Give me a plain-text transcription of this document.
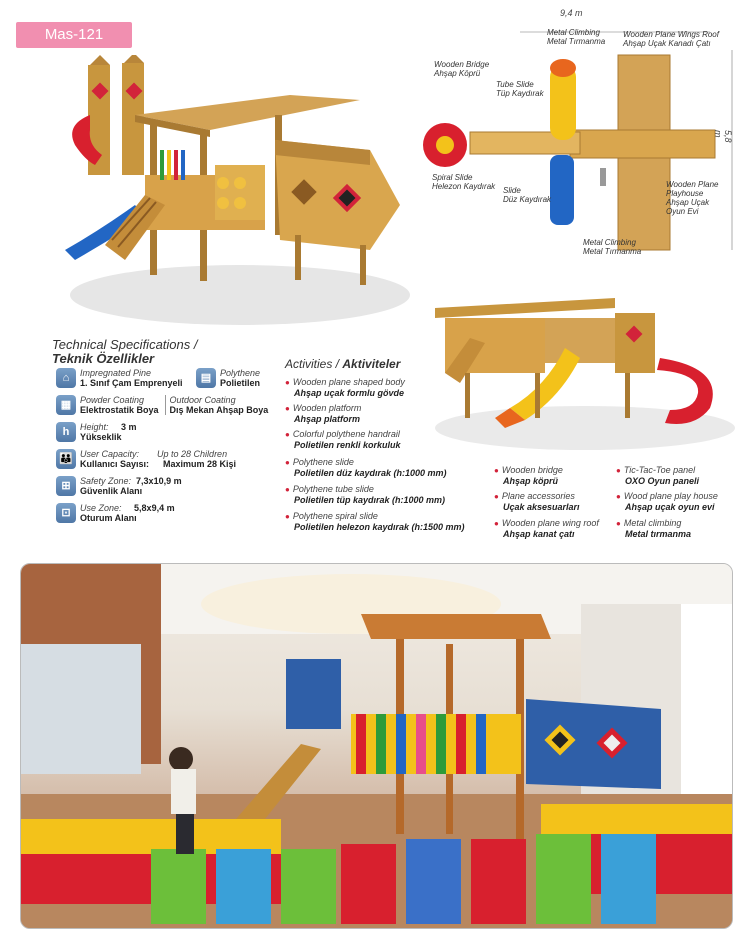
Mas-121
9,4 m
5,8 m
Metal Climbing
Metal Tırmanma
Wooden Plane Wings Roof
Ahşap Uçak Kanadı Çatı
Wooden Bridge
Ahşap Köprü
Tube Slide
Tüp Kaydırak
Spiral Slide
Helezon Kaydırak Slide
Düz Kaydırak
Wooden Plane Playhouse
Ahşap Uçak Oyun Evi
Metal Climbing
Metal Tırmanma
Technical Specifications /
Teknik Özellikler
⌂	Impregnated Pine
1. Sınıf Çam Emprenyeli	▤ Polythene
Polietilen
▦ Powder Coating
Elektrostatik Boya
Outdoor Coating
Dış Mekan Ahşap Boya
h	Height: 3 m
Yükseklik
👪 User Capacity: Up to 28 Children
Kullanıcı Sayısı: Maximum 28 Kişi
⊞	Safety Zone: 7,3x10,9 m
Güvenlik Alanı
⊡	Use Zone: 5,8x9,4 m
Oturum Alanı
Activities / Aktiviteler
● Wooden plane shaped body
Ahşap uçak formlu gövde
● Wooden platform
Ahşap platform
● Colorful polythene handrail
Polietilen renkli korkuluk
● Polythene slide
Polietilen düz kaydırak (h:1000 mm)
● Polythene tube slide
Polietilen tüp kaydırak (h:1000 mm)
● Polythene spiral slide
Polietilen helezon kaydırak (h:1500 mm)
● Wooden bridge
Ahşap köprü
● Plane accessories
Uçak aksesuarları
● Wooden plane wing roof
Ahşap kanat çatı
● Tic-Tac-Toe panel
OXO Oyun paneli
● Wood plane play house
Ahşap uçak oyun evi
● Metal climbing
Metal tırmanma
